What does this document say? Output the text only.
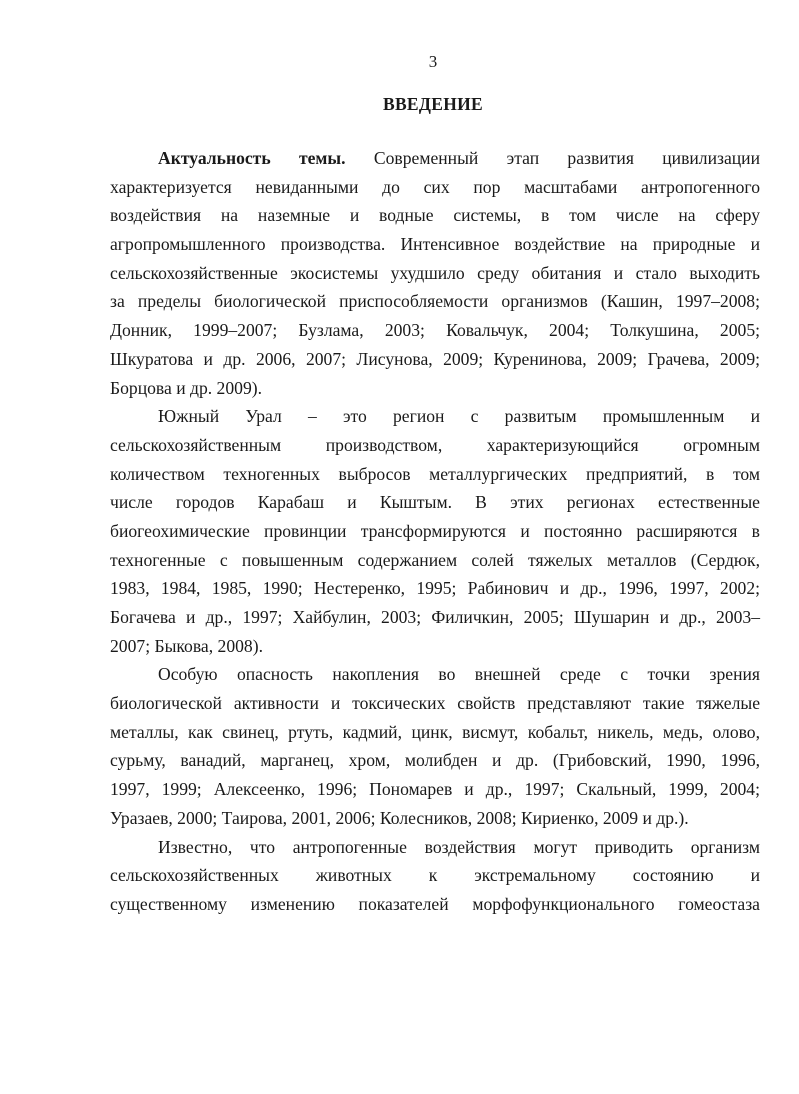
3
ВВЕДЕНИЕ
Актуальность темы. Современный этап развития цивилизации
характеризуется невиданными до сих пор масштабами антропогенного
воздействия на наземные и водные системы, в том числе на сферу
агропромышленного производства. Интенсивное воздействие на природные и
сельскохозяйственные экосистемы ухудшило среду обитания и стало выходить
за пределы биологической приспособляемости организмов (Кашин, 1997–2008;
Донник, 1999–2007; Бузлама, 2003; Ковальчук, 2004; Толкушина, 2005;
Шкуратова и др. 2006, 2007; Лисунова, 2009; Куренинова, 2009; Грачева, 2009;
Борцова и др. 2009).
Южный Урал – это регион с развитым промышленным и
сельскохозяйственным производством, характеризующийся огромным
количеством техногенных выбросов металлургических предприятий, в том
числе городов Карабаш и Кыштым. В этих регионах естественные
биогеохимические провинции трансформируются и постоянно расширяются в
техногенные с повышенным содержанием солей тяжелых металлов (Сердюк,
1983, 1984, 1985, 1990; Нестеренко, 1995; Рабинович и др., 1996, 1997, 2002;
Богачева и др., 1997; Хайбулин, 2003; Филичкин, 2005; Шушарин и др., 2003–
2007; Быкова, 2008).
Особую опасность накопления во внешней среде с точки зрения
биологической активности и токсических свойств представляют такие тяжелые
металлы, как свинец, ртуть, кадмий, цинк, висмут, кобальт, никель, медь, олово,
сурьму, ванадий, марганец, хром, молибден и др. (Грибовский, 1990, 1996,
1997, 1999; Алексеенко, 1996; Пономарев и др., 1997; Скальный, 1999, 2004;
Уразаев, 2000; Таирова, 2001, 2006; Колесников, 2008; Кириенко, 2009 и др.).
Известно, что антропогенные воздействия могут приводить организм
сельскохозяйственных животных к экстремальному состоянию и
существенному изменению показателей морфофункционального гомеостаза
